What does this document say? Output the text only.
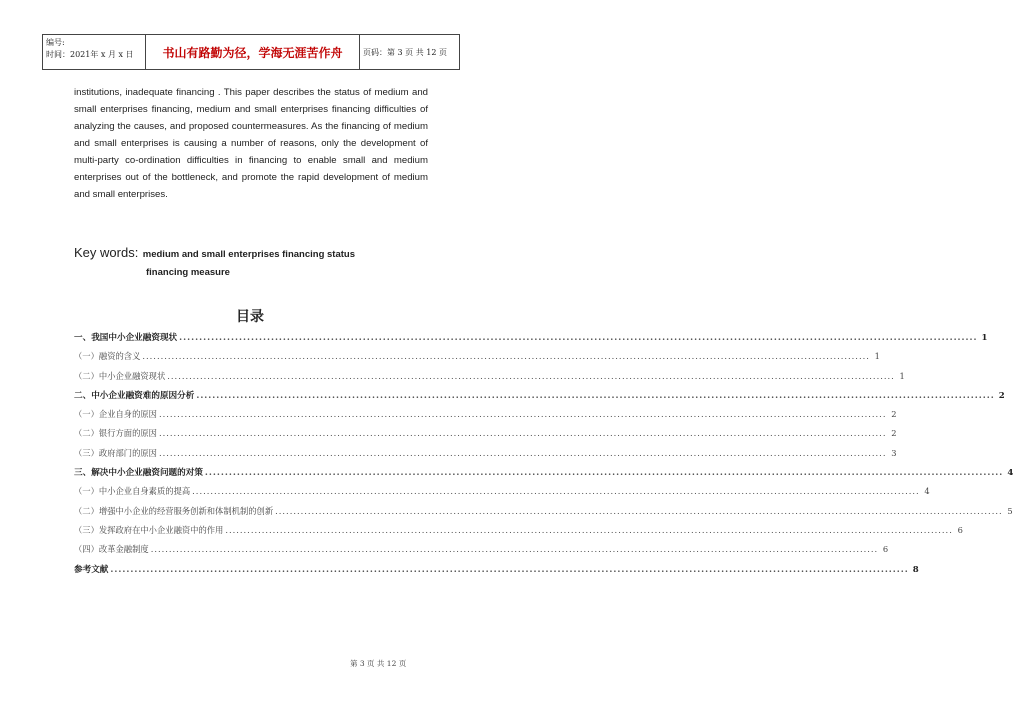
编号:
时间：2021年 x 月 x 日	书山有路勤为径，学海无涯苦作舟	页码：第 3 页 共 12 页
institutions, inadequate financing . This paper describes the status of medium and small enterprises financing, medium and small enterprises financing difficulties of analyzing the causes, and proposed countermeasures. As the financing of medium and small enterprises is causing a number of reasons, only the development of multi-party co-ordination difficulties in financing to enable small and medium enterprises out of the bottleneck, and promote the rapid development of medium and small enterprises.
Key words: medium and small enterprises financing status
financing measure
目录
一、我国中小企业融资现状 ........................................................................................................................................................................................................ 1
（一）融资的含义 ........................................................................................................................................................................................................ 1
（二）中小企业融资现状 ........................................................................................................................................................................................................ 1
二、中小企业融资难的原因分析 ........................................................................................................................................................................................................ 2
（一）企业自身的原因 ........................................................................................................................................................................................................ 2
（二）银行方面的原因 ........................................................................................................................................................................................................ 2
（三）政府部门的原因 ........................................................................................................................................................................................................ 3
三、解决中小企业融资问题的对策 ........................................................................................................................................................................................................ 4
（一）中小企业自身素质的提高 ........................................................................................................................................................................................................ 4
（二）增强中小企业的经营服务创新和体制机制的创新 ........................................................................................................................................................................................................ 5
（三）发挥政府在中小企业融资中的作用 ........................................................................................................................................................................................................ 6
（四）改革金融制度 ........................................................................................................................................................................................................ 6
参考文献 ........................................................................................................................................................................................................ 8
第 3 页 共 12 页
